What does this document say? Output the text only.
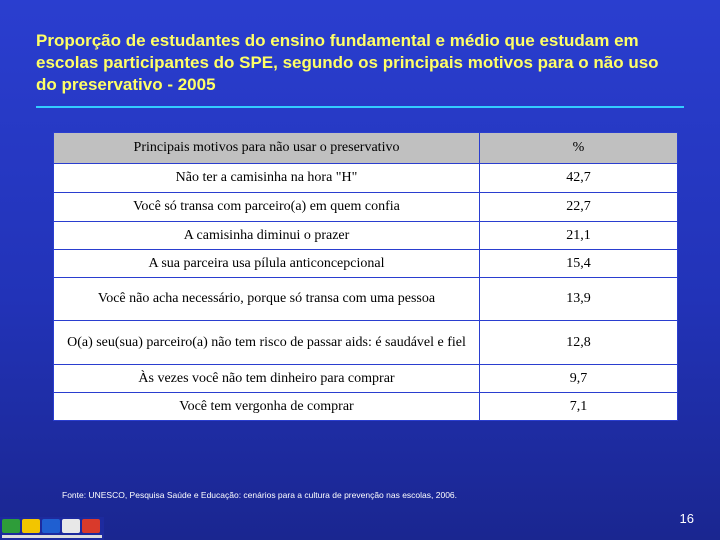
Proporção de estudantes do ensino fundamental e médio que estudam em escolas participantes do SPE, segundo os principais motivos para o não uso do preservativo - 2005
Principais motivos para não usar o preservativo	%
Não ter a camisinha na hora "H"	42,7
Você só transa com parceiro(a) em quem confia	22,7
A camisinha diminui o prazer	21,1
A sua parceira usa pílula anticoncepcional	15,4
Você não acha necessário, porque só transa com uma pessoa	13,9
O(a) seu(sua) parceiro(a) não tem risco de passar aids: é saudável e fiel	12,8
Às vezes você não tem dinheiro para comprar	9,7
Você tem vergonha de comprar	7,1
Fonte: UNESCO, Pesquisa Saúde e Educação: cenários para a cultura de prevenção nas escolas, 2006.
16
